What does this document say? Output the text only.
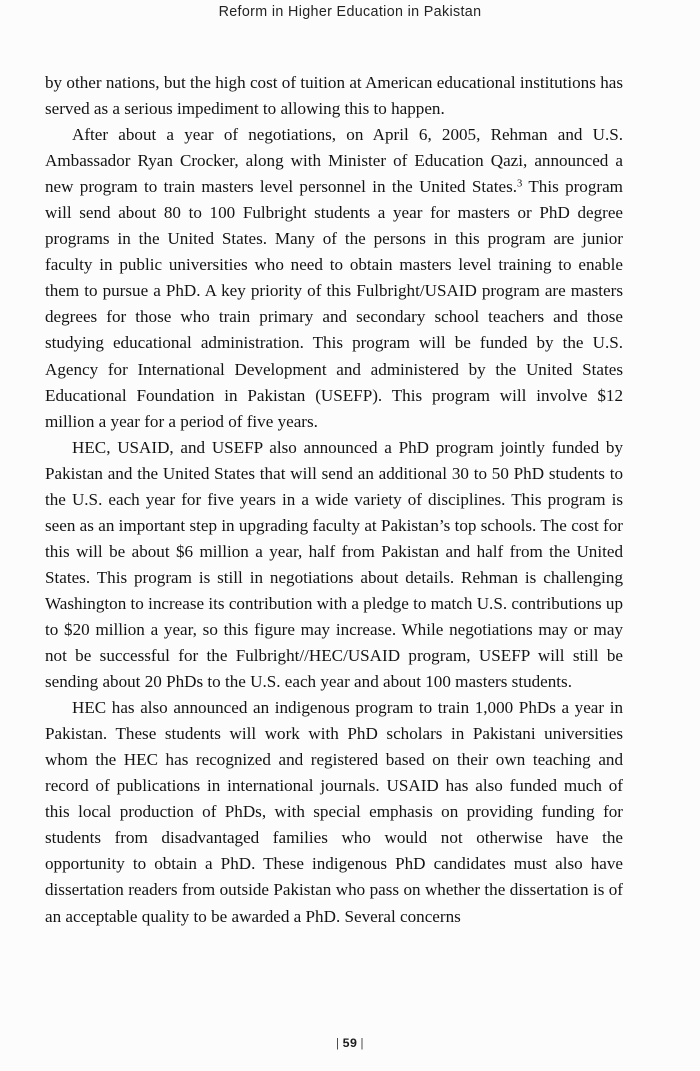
Reform in Higher Education in Pakistan

by other nations, but the high cost of tuition at American educational institutions has served as a serious impediment to allowing this to happen.

After about a year of negotiations, on April 6, 2005, Rehman and U.S. Ambassador Ryan Crocker, along with Minister of Education Qazi, announced a new program to train masters level personnel in the United States.$^3$ This program will send about 80 to 100 Fulbright students a year for masters or PhD degree programs in the United States. Many of the persons in this program are junior faculty in public universities who need to obtain masters level training to enable them to pursue a PhD. A key priority of this Fulbright/USAID program are masters degrees for those who train primary and secondary school teachers and those studying educational administration. This program will be funded by the U.S. Agency for International Development and administered by the United States Educational Foundation in Pakistan (USEFP). This program will involve $12 million a year for a period of five years.

HEC, USAID, and USEFP also announced a PhD program jointly funded by Pakistan and the United States that will send an additional 30 to 50 PhD students to the U.S. each year for five years in a wide variety of disciplines. This program is seen as an important step in upgrading faculty at Pakistan’s top schools. The cost for this will be about $6 million a year, half from Pakistan and half from the United States. This program is still in negotiations about details. Rehman is challenging Washington to increase its contribution with a pledge to match U.S. contributions up to $20 million a year, so this figure may increase. While negotiations may or may not be successful for the Fulbright//HEC/USAID program, USEFP will still be sending about 20 PhDs to the U.S. each year and about 100 masters students.

HEC has also announced an indigenous program to train 1,000 PhDs a year in Pakistan. These students will work with PhD scholars in Pakistani universities whom the HEC has recognized and registered based on their own teaching and record of publications in international journals. USAID has also funded much of this local production of PhDs, with special emphasis on providing funding for students from disadvantaged families who would not otherwise have the opportunity to obtain a PhD. These indigenous PhD candidates must also have dissertation readers from outside Pakistan who pass on whether the dissertation is of an acceptable quality to be awarded a PhD. Several concerns

| 59 |
